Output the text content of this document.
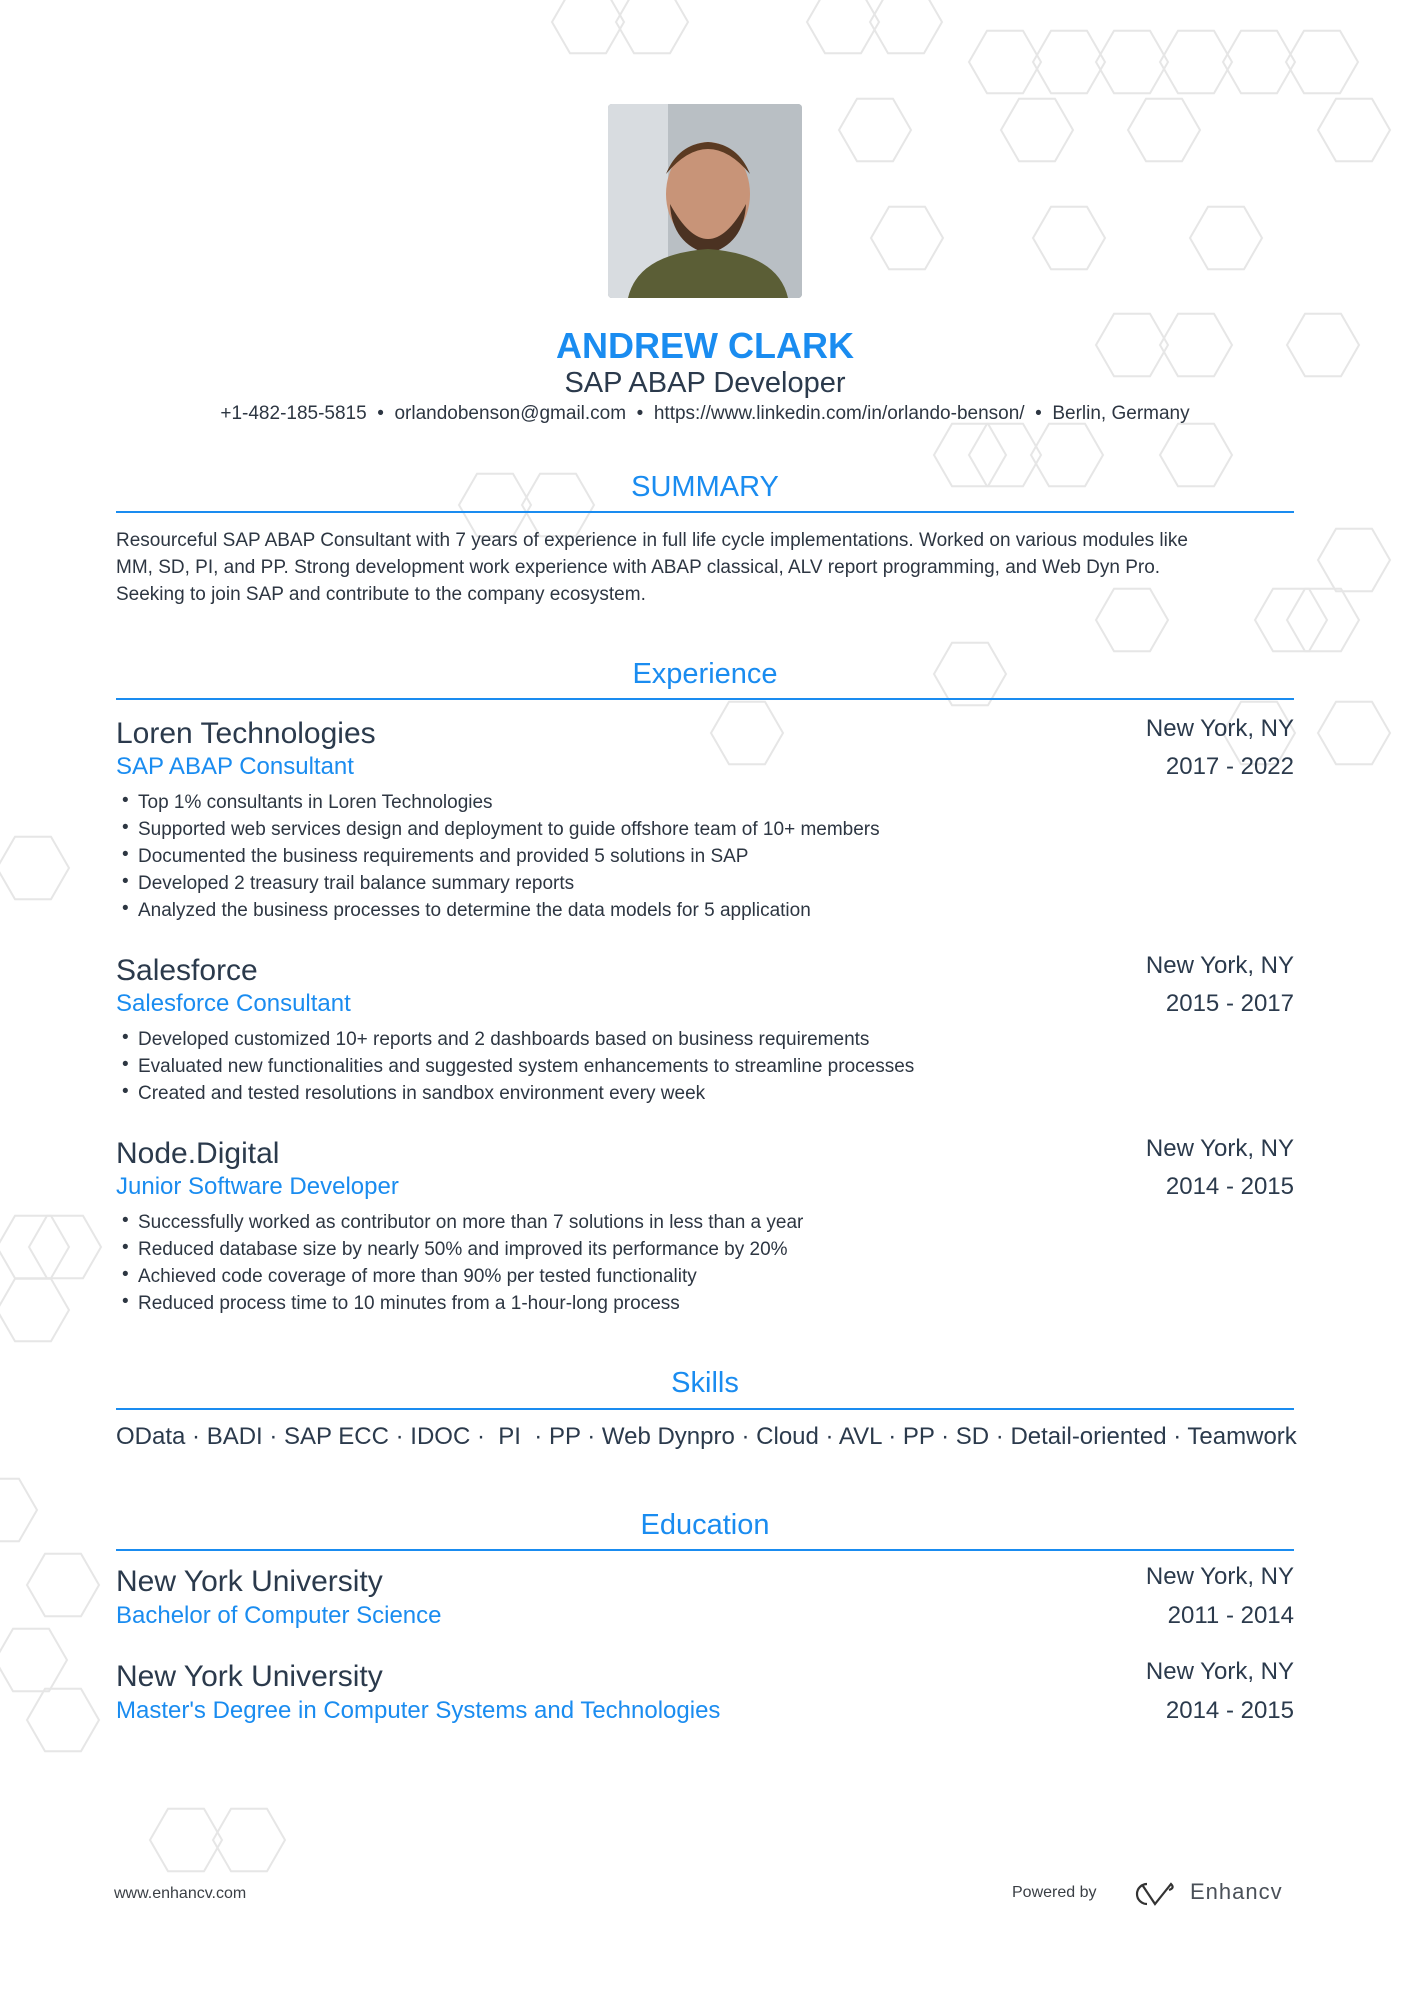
ANDREW CLARK
SAP ABAP Developer
+1-482-185-5815 • orlandobenson@gmail.com • https://www.linkedin.com/in/orlando-benson/ • Berlin, Germany
SUMMARY
Resourceful SAP ABAP Consultant with 7 years of experience in full life cycle implementations. Worked on various modules like
MM, SD, PI, and PP. Strong development work experience with ABAP classical, ALV report programming, and Web Dyn Pro.
Seeking to join SAP and contribute to the company ecosystem.
Experience
Loren Technologies
SAP ABAP Consultant
New York, NY
2017 - 2022
• Top 1% consultants in Loren Technologies
• Supported web services design and deployment to guide offshore team of 10+ members
• Documented the business requirements and provided 5 solutions in SAP
• Developed 2 treasury trail balance summary reports
• Analyzed the business processes to determine the data models for 5 application
Salesforce
Salesforce Consultant
New York, NY
2015 - 2017
• Developed customized 10+ reports and 2 dashboards based on business requirements
• Evaluated new functionalities and suggested system enhancements to streamline processes
• Created and tested resolutions in sandbox environment every week
Node.Digital
Junior Software Developer
New York, NY
2014 - 2015
• Successfully worked as contributor on more than 7 solutions in less than a year
• Reduced database size by nearly 50% and improved its performance by 20%
• Achieved code coverage of more than 90% per tested functionality
• Reduced process time to 10 minutes from a 1-hour-long process
Skills
OData · BADI · SAP ECC · IDOC ·  PI  · PP · Web Dynpro · Cloud · AVL · PP · SD · Detail-oriented · Teamwork
Education
New York University
Bachelor of Computer Science
New York, NY
2011 - 2014
New York University
Master's Degree in Computer Systems and Technologies
New York, NY
2014 - 2015
www.enhancv.com	Powered by	Enhancv
